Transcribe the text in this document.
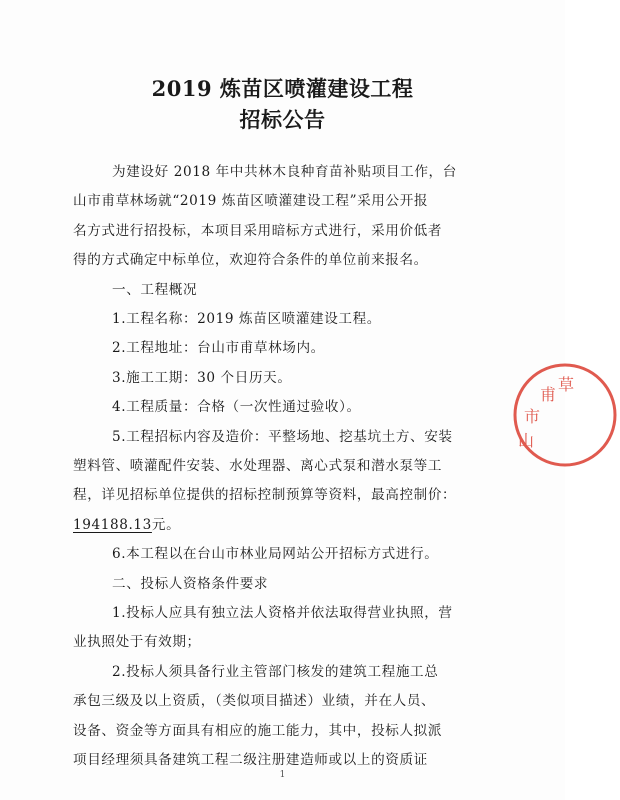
2019 炼苗区喷灌建设工程
招标公告
为建设好 2018 年中共林木良种育苗补贴项目工作，台
山市甫草林场就“2019 炼苗区喷灌建设工程”采用公开报
名方式进行招投标，本项目采用暗标方式进行，采用价低者
得的方式确定中标单位，欢迎符合条件的单位前来报名。
一、工程概况
1.工程名称：2019 炼苗区喷灌建设工程。
2.工程地址：台山市甫草林场内。
3.施工工期：30 个日历天。
4.工程质量：合格（一次性通过验收）。
5.工程招标内容及造价：平整场地、挖基坑土方、安装
塑料管、喷灌配件安装、水处理器、离心式泵和潜水泵等工
程，详见招标单位提供的招标控制预算等资料，最高控制价：
194188.13元。
6.本工程以在台山市林业局网站公开招标方式进行。
二、投标人资格条件要求
1.投标人应具有独立法人资格并依法取得营业执照，营
业执照处于有效期；
2.投标人须具备行业主管部门核发的建筑工程施工总
承包三级及以上资质，（类似项目描述）业绩，并在人员、
设备、资金等方面具有相应的施工能力，其中，投标人拟派
项目经理须具备建筑工程二级注册建造师或以上的资质证
1
甫
市
山
草
